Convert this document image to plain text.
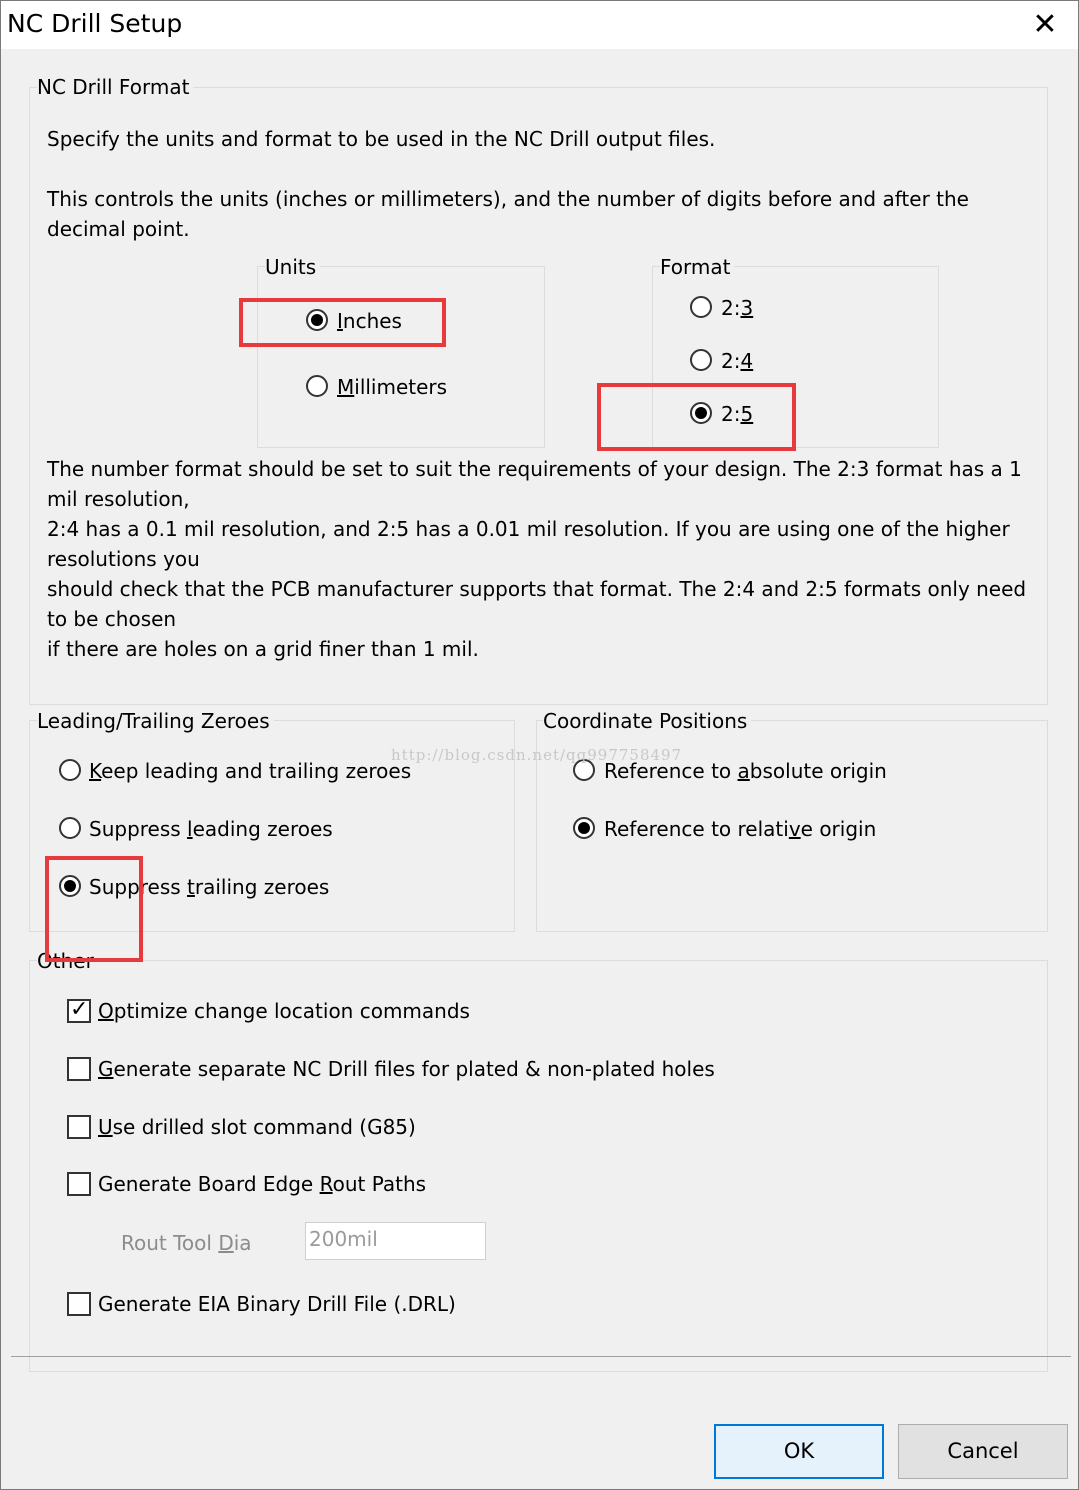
NC Drill Setup	✕
NC Drill Format
Specify the units and format to be used in the NC Drill output files.
This controls the units (inches or millimeters), and the number of digits before and after the
decimal point.
Units
Inches
Millimeters
Format
2:3
2:4
2:5
The number format should be set to suit the requirements of your design. The 2:3 format has a 1
mil resolution,
2:4 has a 0.1 mil resolution, and 2:5 has a 0.01 mil resolution. If you are using one of the higher
resolutions you
should check that the PCB manufacturer supports that format. The 2:4 and 2:5 formats only need
to be chosen
if there are holes on a grid finer than 1 mil.
Leading/Trailing Zeroes
Keep leading and trailing zeroes
Suppress leading zeroes
Suppress trailing zeroes
Coordinate Positions
Reference to absolute origin
Reference to relative origin
Other
✓ Optimize change location commands
Generate separate NC Drill files for plated & non-plated holes
Use drilled slot command (G85)
Generate Board Edge Rout Paths
Rout Tool Dia	200mil
Generate EIA Binary Drill File (.DRL)
http://blog.csdn.net/qq997758497
OK	Cancel
